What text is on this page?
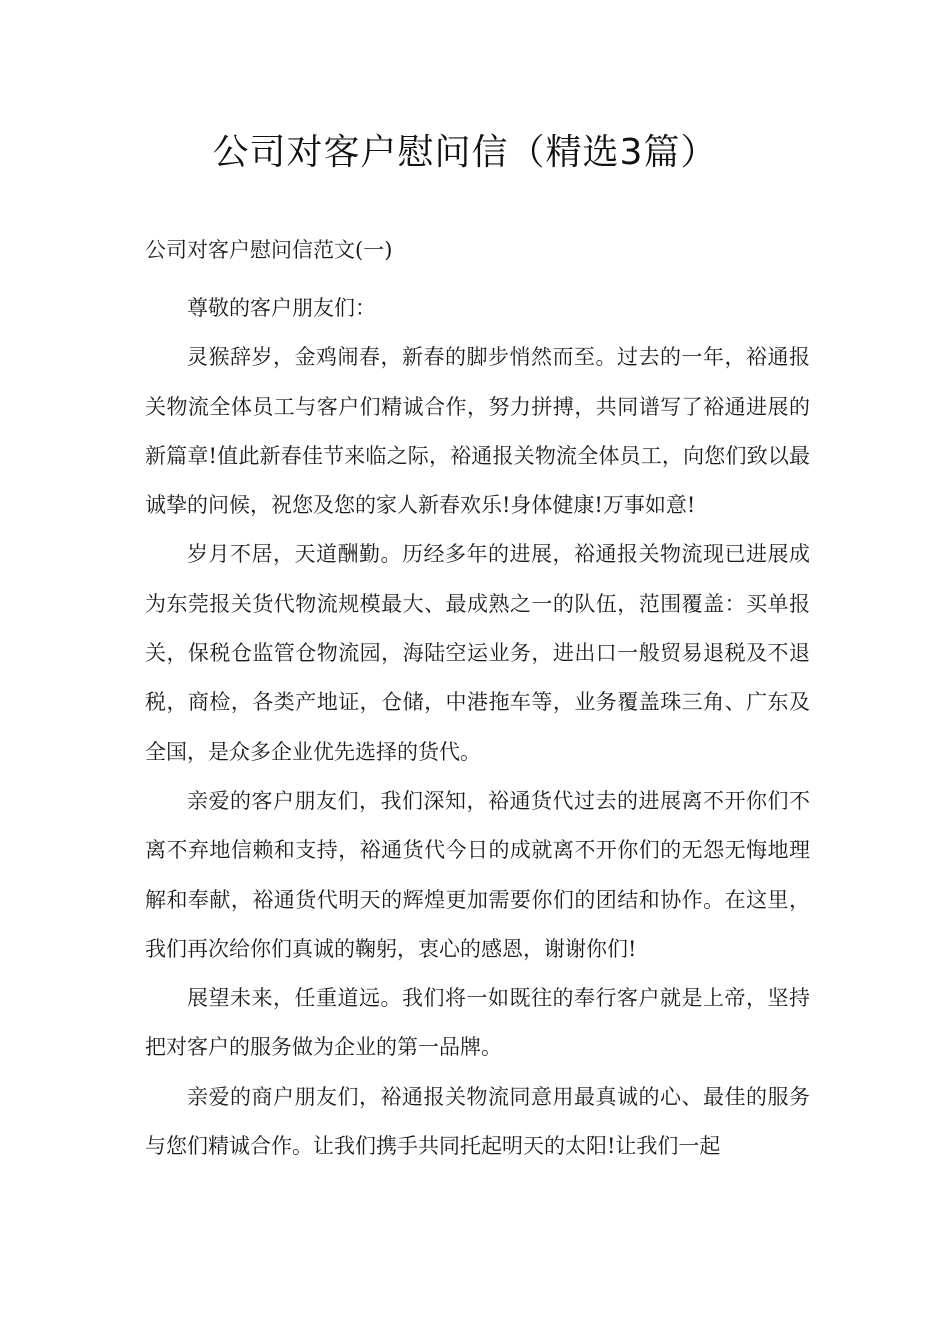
公司对客户慰问信（精选3篇）
公司对客户慰问信范文(一)

尊敬的客户朋友们：

灵猴辞岁，金鸡闹春，新春的脚步悄然而至。过去的一年，裕通报关物流全体员工与客户们精诚合作，努力拼搏，共同谱写了裕通进展的新篇章!值此新春佳节来临之际，裕通报关物流全体员工，向您们致以最诚挚的问候，祝您及您的家人新春欢乐!身体健康!万事如意!

岁月不居，天道酬勤。历经多年的进展，裕通报关物流现已进展成为东莞报关货代物流规模最大、最成熟之一的队伍，范围覆盖：买单报关，保税仓监管仓物流园，海陆空运业务，进出口一般贸易退税及不退税，商检，各类产地证，仓储，中港拖车等，业务覆盖珠三角、广东及全国，是众多企业优先选择的货代。

亲爱的客户朋友们，我们深知，裕通货代过去的进展离不开你们不离不弃地信赖和支持，裕通货代今日的成就离不开你们的无怨无悔地理解和奉献，裕通货代明天的辉煌更加需要你们的团结和协作。在这里，我们再次给你们真诚的鞠躬，衷心的感恩，谢谢你们!

展望未来，任重道远。我们将一如既往的奉行客户就是上帝，坚持把对客户的服务做为企业的第一品牌。

亲爱的商户朋友们，裕通报关物流同意用最真诚的心、最佳的服务与您们精诚合作。让我们携手共同托起明天的太阳!让我们一起
